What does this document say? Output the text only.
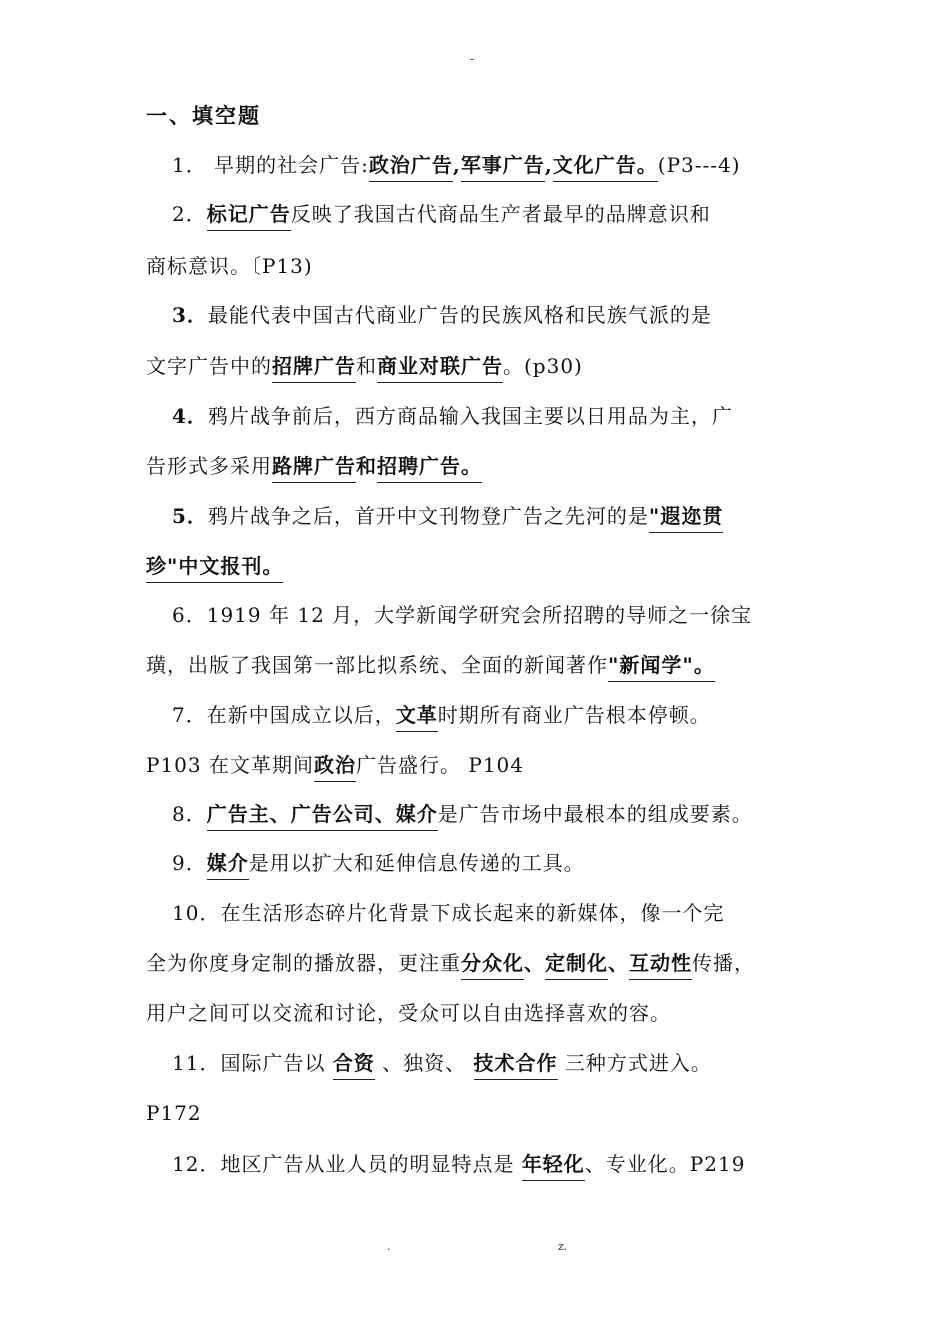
-
一、填空题
1． 早期的社会广告:政治广告,军事广告,文化广告。(P3---4)
2．标记广告反映了我国古代商品生产者最早的品牌意识和
商标意识。〔P13)
3．最能代表中国古代商业广告的民族风格和民族气派的是
文字广告中的招牌广告和商业对联广告。(p30)
4．鸦片战争前后，西方商品输入我国主要以日用品为主，广
告形式多采用路牌广告和招聘广告。
5．鸦片战争之后，首开中文刊物登广告之先河的是"遐迩贯
珍"中文报刊。
6．1919 年 12 月，大学新闻学研究会所招聘的导师之一徐宝
璜，出版了我国第一部比拟系统、全面的新闻著作"新闻学"。
7．在新中国成立以后，文革时期所有商业广告根本停顿。
P103 在文革期间政治广告盛行。 P104
8．广告主、广告公司、媒介是广告市场中最根本的组成要素。
9．媒介是用以扩大和延伸信息传递的工具。
10．在生活形态碎片化背景下成长起来的新媒体，像一个完
全为你度身定制的播放器，更注重分众化、定制化、互动性传播，
用户之间可以交流和讨论，受众可以自由选择喜欢的容。
11．国际广告以 合资 、独资、 技术合作 三种方式进入。
P172
12．地区广告从业人员的明显特点是 年轻化、专业化。P219
.	z.
